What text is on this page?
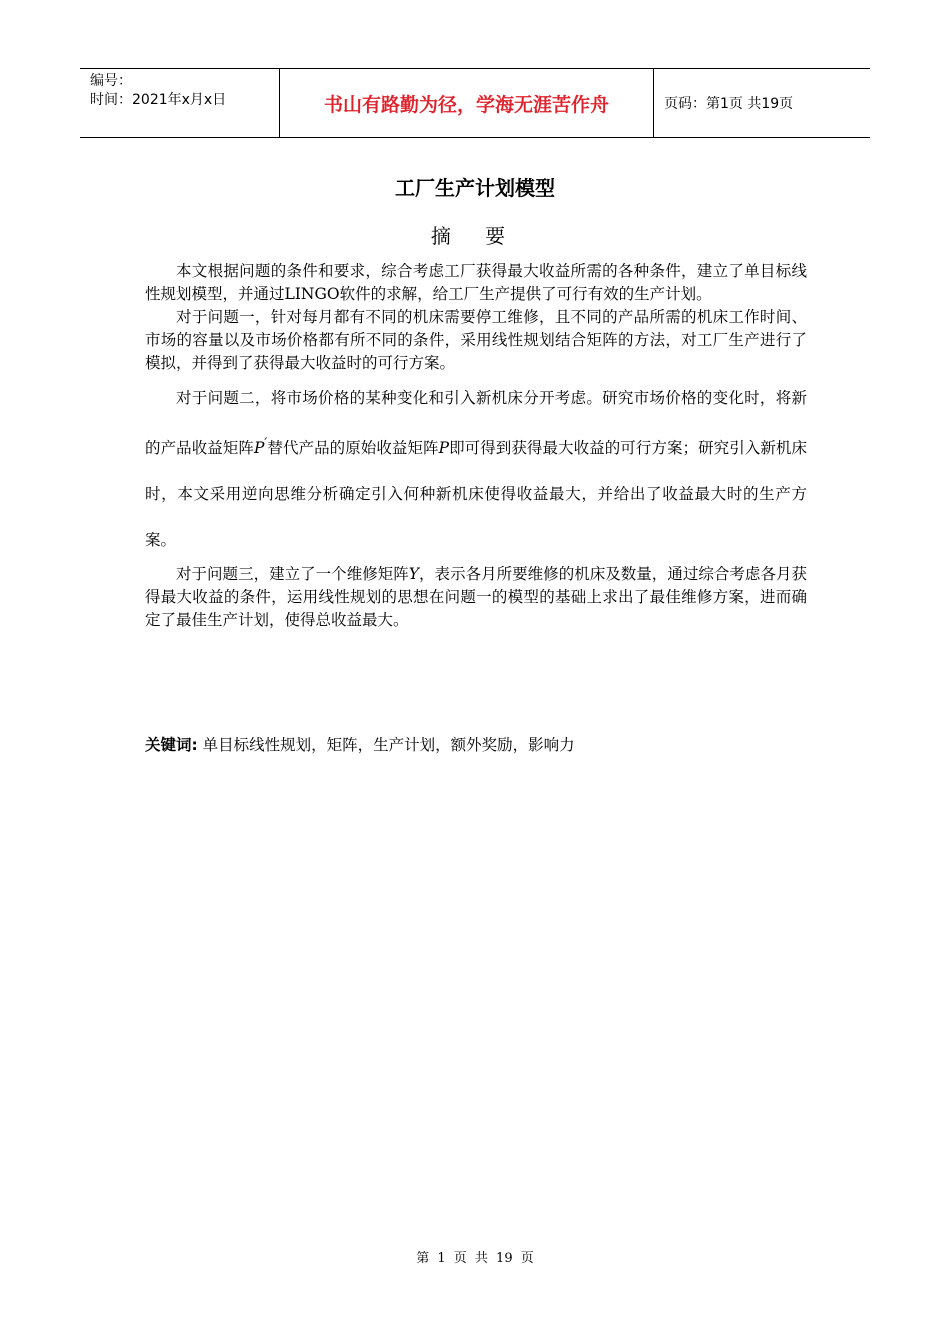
编号：
时间：2021年x月x日	书山有路勤为径，学海无涯苦作舟	页码：第1页 共19页
工厂生产计划模型
摘 要

本文根据问题的条件和要求，综合考虑工厂获得最大收益所需的各种条件，建立了单目标线性规划模型，并通过LINGO软件的求解，给工厂生产提供了可行有效的生产计划。

对于问题一，针对每月都有不同的机床需要停工维修，且不同的产品所需的机床工作时间、市场的容量以及市场价格都有所不同的条件，采用线性规划结合矩阵的方法，对工厂生产进行了模拟，并得到了获得最大收益时的可行方案。

对于问题二，将市场价格的某种变化和引入新机床分开考虑。研究市场价格的变化时，将新的产品收益矩阵P′替代产品的原始收益矩阵P即可得到获得最大收益的可行方案；研究引入新机床时，本文采用逆向思维分析确定引入何种新机床使得收益最大，并给出了收益最大时的生产方案。

对于问题三，建立了一个维修矩阵Y，表示各月所要维修的机床及数量，通过综合考虑各月获得最大收益的条件，运用线性规划的思想在问题一的模型的基础上求出了最佳维修方案，进而确定了最佳生产计划，使得总收益最大。

关键词: 单目标线性规划，矩阵，生产计划，额外奖励，影响力
第 1 页 共 19 页
